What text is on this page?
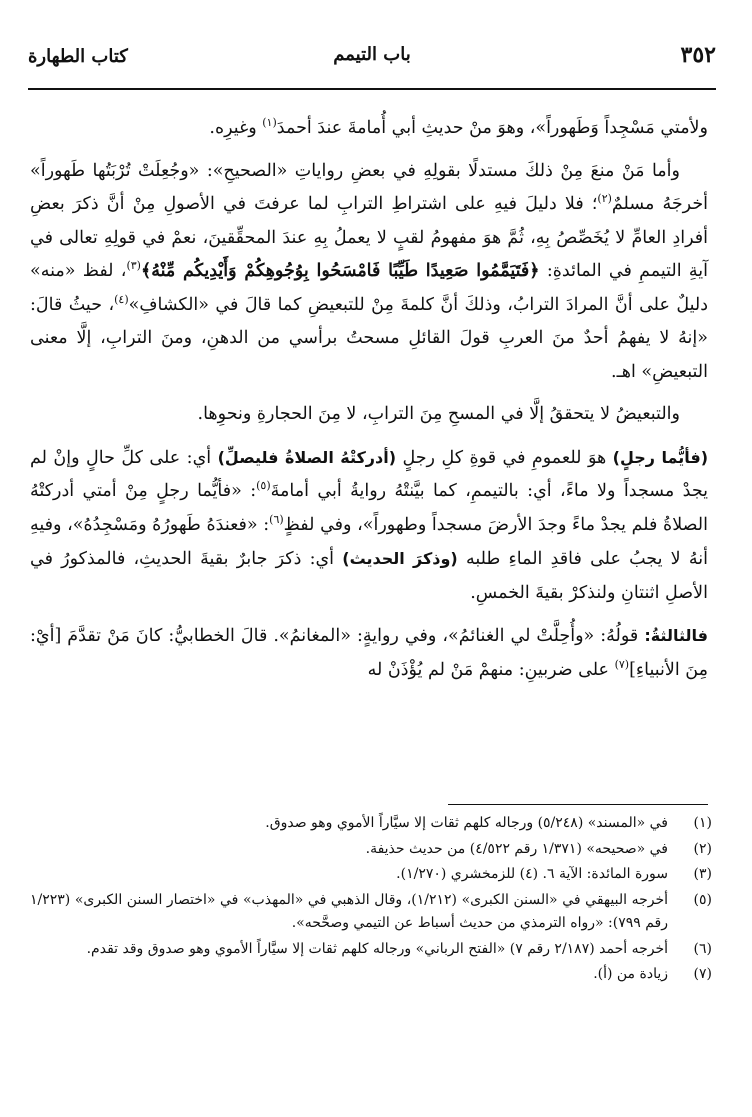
٣٥٢
باب التيمم
كتاب الطهارة

ولأمتي مَسْجِداً وَطَهوراً»، وهوَ منْ حديثِ أبي أُمامةَ عندَ أحمدَ$^{(١)}$ وغيرِه.

وأما مَنْ منعَ مِنْ ذلكَ مستدلًا بقولِهِ في بعضِ رواياتِ «الصحيحِ»: «وجُعِلَتْ تُرْبَتُها طَهوراً» أخرجَهُ مسلمٌ$^{(٢)}$؛ فلا دليلَ فيهِ على اشتراطِ الترابِ لما عرفتَ في الأصولِ مِنْ أنَّ ذكرَ بعضِ أفرادِ العامِّ لا يُخَصِّصُ بِهِ، ثُمَّ هوَ مفهومُ لقبٍ لا يعملُ بِهِ عندَ المحقِّقينَ، نعمْ في قولِهِ تعالى في آيةِ التيممِ في المائدةِ: ﴿فَتَيَمَّمُوا صَعِيدًا طَيِّبًا فَامْسَحُوا بِوُجُوهِكُمْ وَأَيْدِيكُم مِّنْهُ﴾$^{(٣)}$، لفظ «منه» دليلٌ على أنَّ المرادَ الترابُ، وذلكَ أنَّ كلمةَ مِنْ للتبعيضِ كما قالَ في «الكشافِ»$^{(٤)}$، حيثُ قالَ: «إنهُ لا يفهمُ أحدٌ منَ العربِ قولَ القائلِ مسحتُ برأسي من الدهنِ، ومنَ الترابِ، إلَّا معنى التبعيضِ» اهـ.

والتبعيضُ لا يتحققُ إلَّا في المسحِ مِنَ الترابِ، لا مِنَ الحجارةِ ونحوِها.

(فأيُّما رجلٍ) هوَ للعمومِ في قوةِ كلِ رجلٍ (أدركتْهُ الصلاةُ فليصلِّ) أي: على كلِّ حالٍ وإنْ لم يجدْ مسجداً ولا ماءً، أي: بالتيممِ، كما بيَّنتْهُ روايةُ أبي أمامةَ$^{(٥)}$: «فأيُّما رجلٍ مِنْ أمتي أدركتْهُ الصلاةُ فلم يجدْ ماءً وجدَ الأرضَ مسجداً وطهوراً»، وفي لفظٍ$^{(٦)}$: «فعندَهُ طَهورُهُ ومَسْجِدُهُ»، وفيهِ أنهُ لا يجبُ على فاقدِ الماءِ طلبه (وذكرَ الحديث) أي: ذكرَ جابرٌ بقيةَ الحديثِ، فالمذكورُ في الأصلِ اثنتانِ ولنذكرْ بقيةَ الخمسِ.

فالثالثةُ: قولُهُ: «وأُحِلَّتْ لي الغنائمُ»، وفي روايةٍ: «المغانمُ». قالَ الخطابيُّ: كانَ مَنْ تقدَّمَ [أيْ: مِنَ الأنبياءِ]$^{(٧)}$ على ضربينِ: منهمْ مَنْ لم يُؤْذَنْ له

(١)
في «المسند» (٥/٢٤٨) ورجاله كلهم ثقات إلا سيَّاراً الأموي وهو صدوق.
(٢)
في «صحيحه» (١/٣٧١ رقم ٤/٥٢٢) من حديث حذيفة.
(٣)
سورة المائدة: الآية ٦. (٤) للزمخشري (١/٢٧٠).
(٥)
أخرجه البيهقي في «السنن الكبرى» (١/٢١٢)، وقال الذهبي في «المهذب» في «اختصار السنن الكبرى» (١/٢٢٣ رقم ٧٩٩): «رواه الترمذي من حديث أسباط عن التيمي وصحَّحه».
(٦)
أخرجه أحمد (٢/١٨٧ رقم ٧) «الفتح الرباني» ورجاله كلهم ثقات إلا سيَّاراً الأموي وهو صدوق وقد تقدم.
(٧)
زيادة من (أ).
